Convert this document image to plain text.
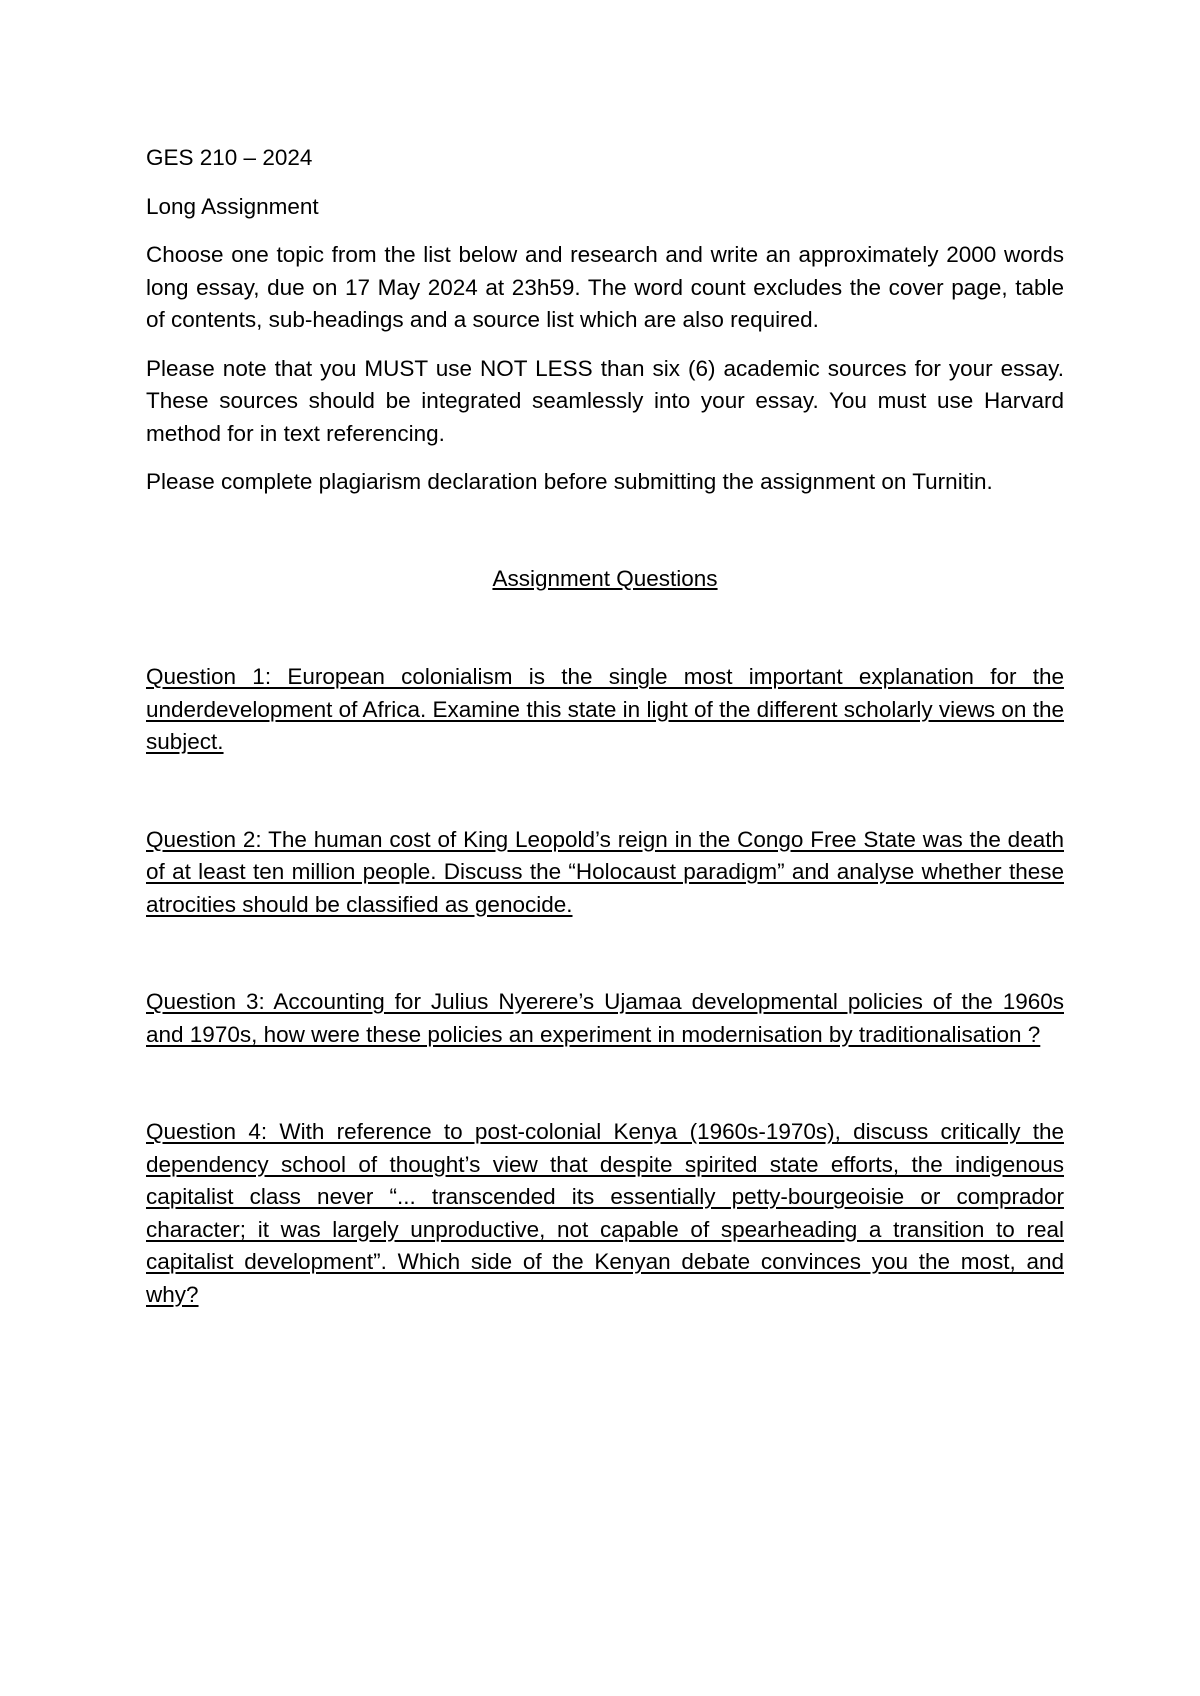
GES 210 – 2024

Long Assignment

Choose one topic from the list below and research and write an approximately 2000 words long essay, due on 17 May 2024 at 23h59. The word count excludes the cover page, table of contents, sub-headings and a source list which are also required.

Please note that you MUST use NOT LESS than six (6) academic sources for your essay. These sources should be integrated seamlessly into your essay. You must use Harvard method for in text referencing.

Please complete plagiarism declaration before submitting the assignment on Turnitin.

Assignment Questions

Question 1: European colonialism is the single most important explanation for the underdevelopment of Africa. Examine this state in light of the different scholarly views on the subject.

Question 2: The human cost of King Leopold’s reign in the Congo Free State was the death of at least ten million people. Discuss the “Holocaust paradigm” and analyse whether these atrocities should be classified as genocide.

Question 3: Accounting for Julius Nyerere’s Ujamaa developmental policies of the 1960s and 1970s, how were these policies an experiment in modernisation by traditionalisation ?

Question 4: With reference to post-colonial Kenya (1960s-1970s), discuss critically the dependency school of thought’s view that despite spirited state efforts, the indigenous capitalist class never “... transcended its essentially petty-bourgeoisie or comprador character; it was largely unproductive, not capable of spearheading a transition to real capitalist development”. Which side of the Kenyan debate convinces you the most, and why?
